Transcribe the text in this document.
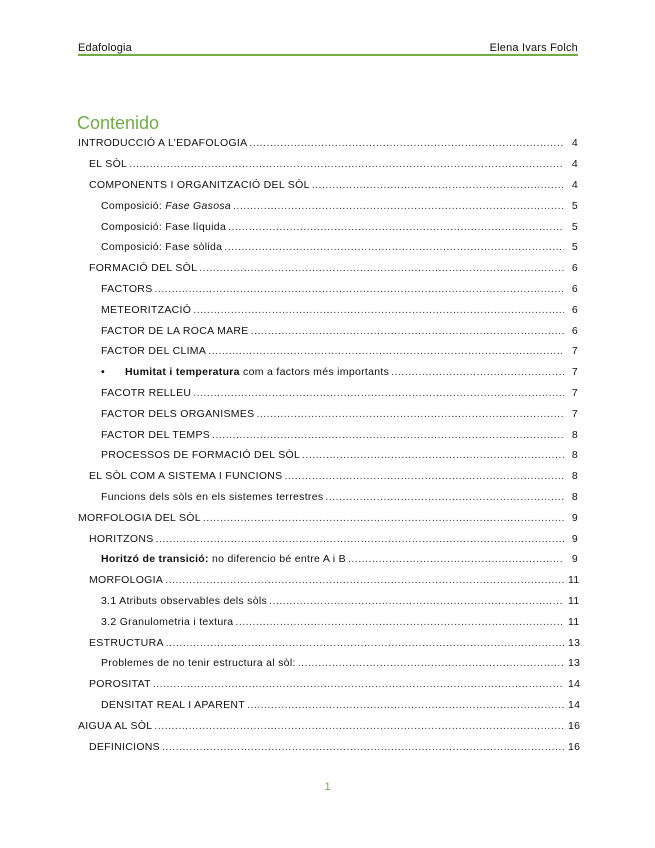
Edafologia	Elena Ivars Folch
Contenido
INTRODUCCIÓ A L’EDAFOLOGIA .....	4
EL SÒL .....	4
COMPONENTS I ORGANITZACIÓ DEL SÒL .....	4
Composició: Fase Gasosa .....	5
Composició: Fase líquida .....	5
Composició: Fase sòlida .....	5
FORMACIÓ DEL SÒL .....	6
FACTORS .....	6
METEORITZACIÓ .....	6
FACTOR DE LA ROCA MARE .....	6
FACTOR DEL CLIMA .....	7
• Humitat i temperatura com a factors més importants .....	7
FACOTR RELLEU .....	7
FACTOR DELS ORGANISMES .....	7
FACTOR DEL TEMPS .....	8
PROCESSOS DE FORMACIÓ DEL SÒL .....	8
EL SÒL COM A SISTEMA I FUNCIONS .....	8
Funcions dels sòls en els sistemes terrestres .....	8
MORFOLOGIA DEL SÒL .....	9
HORITZONS .....	9
Horitzó de transició: no diferencio bé entre A i B .....	9
MORFOLOGIA .....	11
3.1 Atributs observables dels sòls .....	11
3.2 Granulometria i textura .....	11
ESTRUCTURA .....	13
Problemes de no tenir estructura al sòl: .....	13
POROSITAT .....	14
DENSITAT REAL I APARENT .....	14
AIGUA AL SÒL .....	16
DEFINICIONS .....	16
1
